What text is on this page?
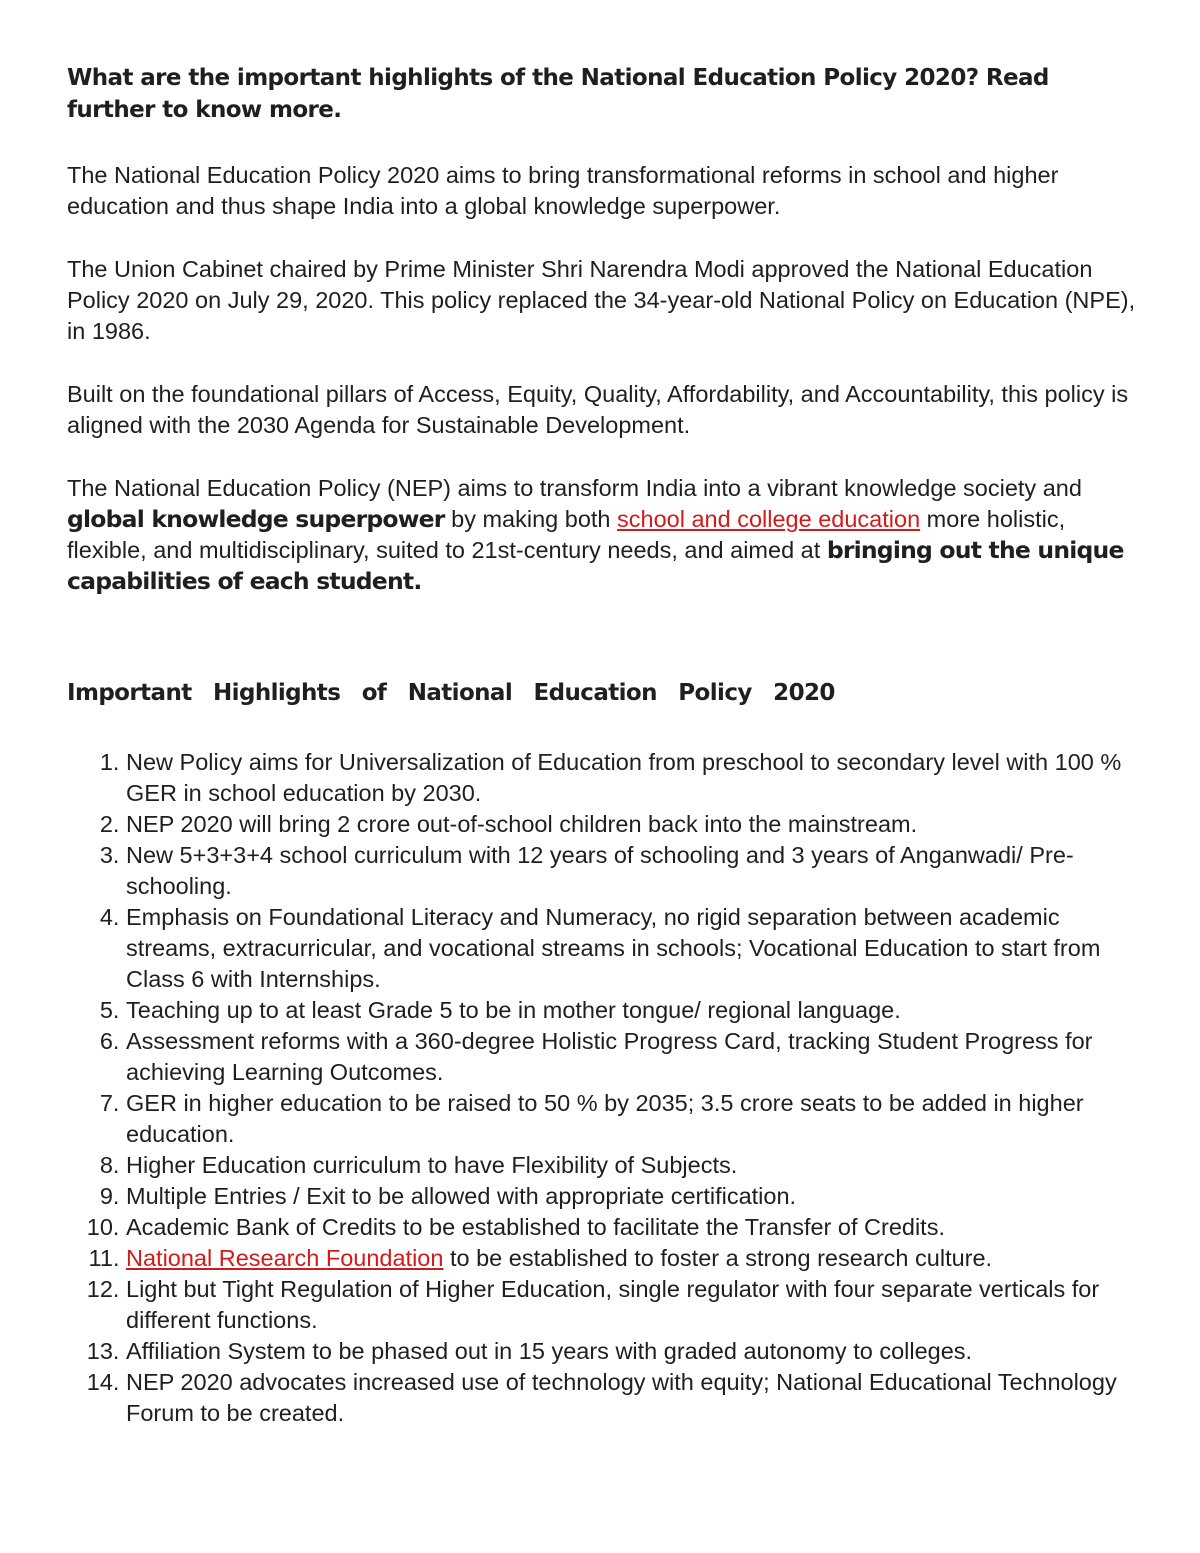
What are the important highlights of the National Education Policy 2020? Read further to know more.

The National Education Policy 2020 aims to bring transformational reforms in school and higher education and thus shape India into a global knowledge superpower.

The Union Cabinet chaired by Prime Minister Shri Narendra Modi approved the National Education Policy 2020 on July 29, 2020. This policy replaced the 34-year-old National Policy on Education (NPE), in 1986.

Built on the foundational pillars of Access, Equity, Quality, Affordability, and Accountability, this policy is aligned with the 2030 Agenda for Sustainable Development.

The National Education Policy (NEP) aims to transform India into a vibrant knowledge society and global knowledge superpower by making both school and college education more holistic, flexible, and multidisciplinary, suited to 21st-century needs, and aimed at bringing out the unique capabilities of each student.

Important Highlights of National Education Policy 2020
1. New Policy aims for Universalization of Education from preschool to secondary level with 100 % GER in school education by 2030.
2. NEP 2020 will bring 2 crore out-of-school children back into the mainstream.
3. New 5+3+3+4 school curriculum with 12 years of schooling and 3 years of Anganwadi/ Pre-schooling.
4. Emphasis on Foundational Literacy and Numeracy, no rigid separation between academic streams, extracurricular, and vocational streams in schools; Vocational Education to start from Class 6 with Internships.
5. Teaching up to at least Grade 5 to be in mother tongue/ regional language.
6. Assessment reforms with a 360-degree Holistic Progress Card, tracking Student Progress for achieving Learning Outcomes.
7. GER in higher education to be raised to 50 % by 2035; 3.5 crore seats to be added in higher education.
8. Higher Education curriculum to have Flexibility of Subjects.
9. Multiple Entries / Exit to be allowed with appropriate certification.
10. Academic Bank of Credits to be established to facilitate the Transfer of Credits.
11. National Research Foundation to be established to foster a strong research culture.
12. Light but Tight Regulation of Higher Education, single regulator with four separate verticals for different functions.
13. Affiliation System to be phased out in 15 years with graded autonomy to colleges.
14. NEP 2020 advocates increased use of technology with equity; National Educational Technology Forum to be created.
